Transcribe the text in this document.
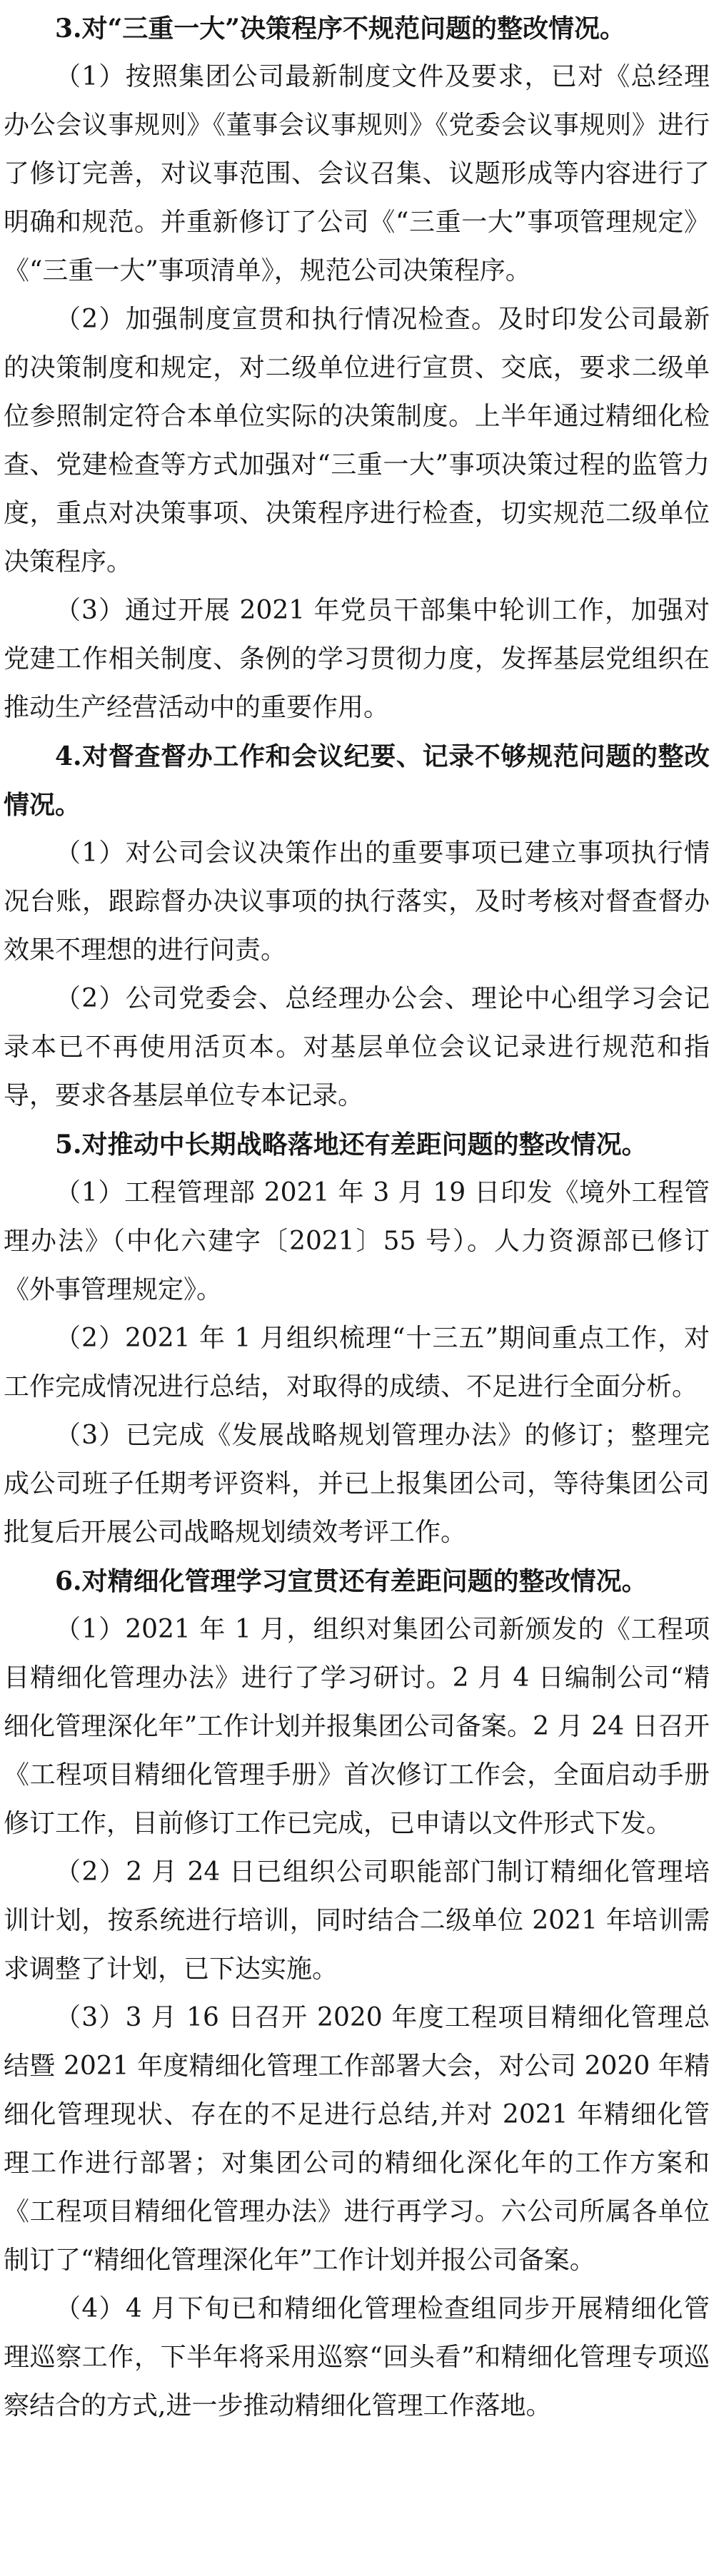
3.对“三重一大”决策程序不规范问题的整改情况。

（1）按照集团公司最新制度文件及要求，已对《总经理办公会议事规则》《董事会议事规则》《党委会议事规则》进行了修订完善，对议事范围、会议召集、议题形成等内容进行了明确和规范。并重新修订了公司《“三重一大”事项管理规定》《“三重一大”事项清单》，规范公司决策程序。

（2）加强制度宣贯和执行情况检查。及时印发公司最新的决策制度和规定，对二级单位进行宣贯、交底，要求二级单位参照制定符合本单位实际的决策制度。上半年通过精细化检查、党建检查等方式加强对“三重一大”事项决策过程的监管力度，重点对决策事项、决策程序进行检查，切实规范二级单位决策程序。

（3）通过开展 2021 年党员干部集中轮训工作，加强对党建工作相关制度、条例的学习贯彻力度，发挥基层党组织在推动生产经营活动中的重要作用。

4.对督查督办工作和会议纪要、记录不够规范问题的整改情况。

（1）对公司会议决策作出的重要事项已建立事项执行情况台账，跟踪督办决议事项的执行落实，及时考核对督查督办效果不理想的进行问责。

（2）公司党委会、总经理办公会、理论中心组学习会记录本已不再使用活页本。对基层单位会议记录进行规范和指导，要求各基层单位专本记录。

5.对推动中长期战略落地还有差距问题的整改情况。

（1）工程管理部 2021 年 3 月 19 日印发《境外工程管理办法》（中化六建字〔2021〕55 号）。人力资源部已修订《外事管理规定》。

（2）2021 年 1 月组织梳理“十三五”期间重点工作，对工作完成情况进行总结，对取得的成绩、不足进行全面分析。

（3）已完成《发展战略规划管理办法》的修订；整理完成公司班子任期考评资料，并已上报集团公司，等待集团公司批复后开展公司战略规划绩效考评工作。

6.对精细化管理学习宣贯还有差距问题的整改情况。

（1）2021 年 1 月，组织对集团公司新颁发的《工程项目精细化管理办法》进行了学习研讨。2 月 4 日编制公司“精细化管理深化年”工作计划并报集团公司备案。2 月 24 日召开《工程项目精细化管理手册》首次修订工作会，全面启动手册修订工作，目前修订工作已完成，已申请以文件形式下发。

（2）2 月 24 日已组织公司职能部门制订精细化管理培训计划，按系统进行培训，同时结合二级单位 2021 年培训需求调整了计划，已下达实施。

（3）3 月 16 日召开 2020 年度工程项目精细化管理总结暨 2021 年度精细化管理工作部署大会，对公司 2020 年精细化管理现状、存在的不足进行总结,并对 2021 年精细化管理工作进行部署；对集团公司的精细化深化年的工作方案和《工程项目精细化管理办法》进行再学习。六公司所属各单位制订了“精细化管理深化年”工作计划并报公司备案。

（4）4 月下旬已和精细化管理检查组同步开展精细化管理巡察工作，下半年将采用巡察“回头看”和精细化管理专项巡察结合的方式,进一步推动精细化管理工作落地。
